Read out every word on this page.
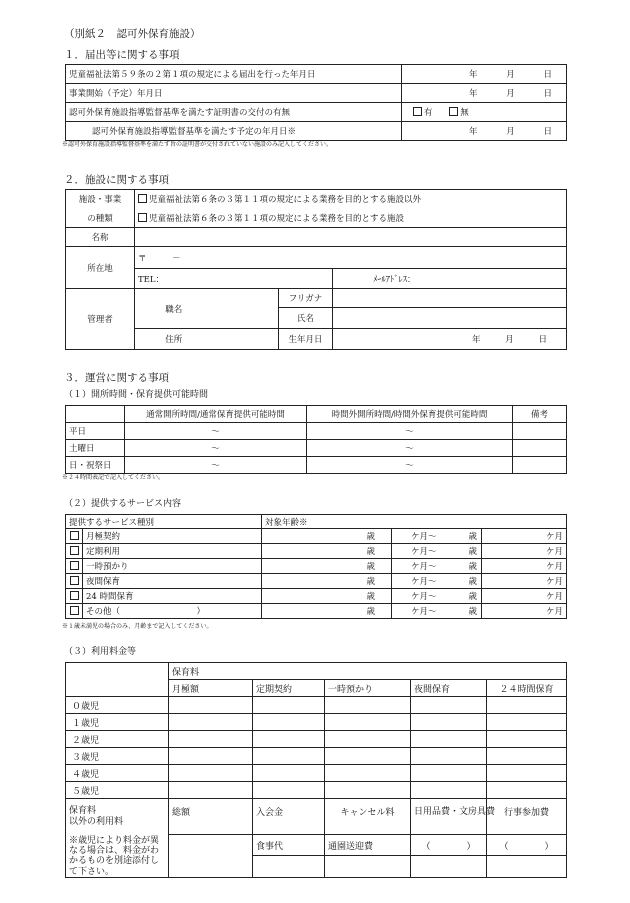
（別紙２　認可外保育施設）
１．届出等に関する事項
児童福祉法第５９条の２第１項の規定による届出を行った年月日	年 月 日
事業開始（予定）年月日	年 月 日
認可外保育施設指導監督基準を満たす証明書の交付の有無	有 無
認可外保育施設指導監督基準を満たす予定の年月日※	年 月 日
※認可外保育施設指導監督基準を満たす旨の証明書が交付されていない施設のみ記入してください。
２．施設に関する事項
施設・事業	児童福祉法第６条の３第１１項の規定による業務を目的とする施設以外			
の種類	児童福祉法第６条の３第１１項の規定による業務を目的とする施設			
名称				
所在地	〒　　　－			
	TEL：			ﾒｰﾙｱﾄﾞﾚｽ：
管理者	職名		フリガナ	
			氏名	
	住所		生年月日	年 月 日
３．運営に関する事項
（１）開所時間・保育提供可能時間
	通常開所時間/通常保育提供可能時間	時間外開所時間/時間外保育提供可能時間	備考
平日	～	～	
土曜日	～	～	
日・祝祭日	～	～	
※２４時間表記で記入してください。
（２）提供するサービス内容
提供するサービス種別		対象年齢※			
	月極契約	歳	ケ月～	歳	ケ月
	定期利用	歳	ケ月～	歳	ケ月
	一時預かり	歳	ケ月～	歳	ケ月
	夜間保育	歳	ケ月～	歳	ケ月
	24 時間保育	歳	ケ月～	歳	ケ月
	その他（　　　　　　　　　）	歳	ケ月～	歳	ケ月
※１歳未満児の場合のみ、月齢まで記入してください。
（３）利用料金等
	保育料				
	月極額	定期契約	一時預かり	夜間保育	２４時間保育
０歳児					
１歳児					
２歳児					
３歳児					
４歳児					
５歳児					
保育料
以外の利用料	総額	入会金	キャンセル料	日用品費・文房具費	行事参加費

※歳児により料金が異なる場合は、料金がわかるものを別途添付して下さい。		食事代	通園送迎費	（　　　　）	（　　　　）
